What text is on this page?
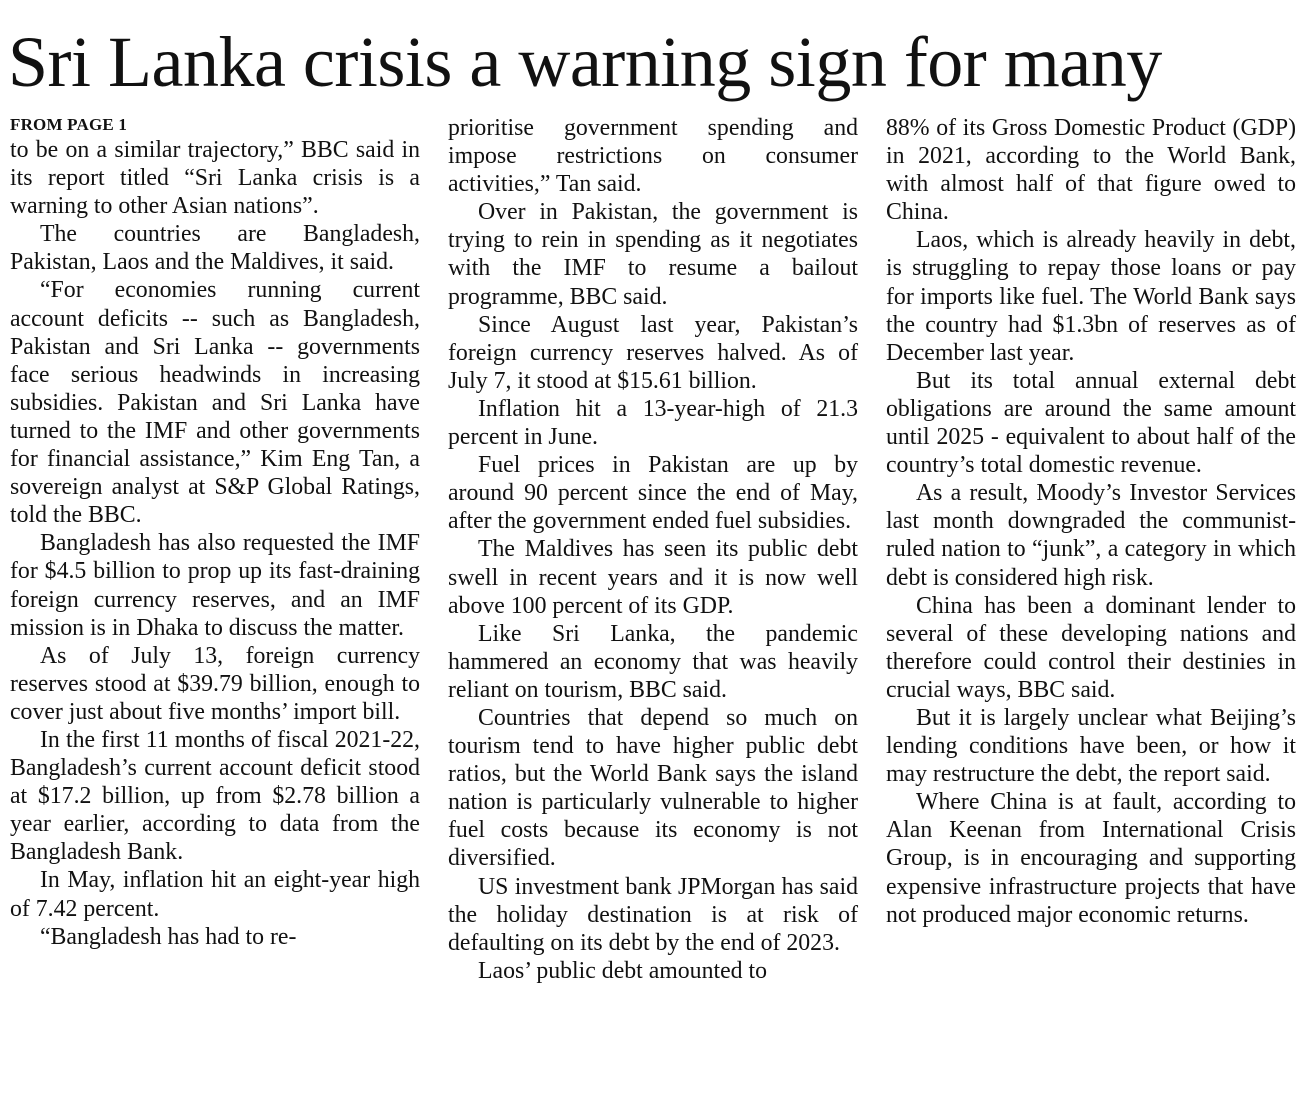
Sri Lanka crisis a warning sign for many
FROM PAGE 1

to be on a similar trajectory,” BBC said in its report titled “Sri Lanka crisis is a warning to other Asian nations”.

The countries are Bangladesh, Pakistan, Laos and the Maldives, it said.

“For economies running current account deficits -- such as Bangladesh, Pakistan and Sri Lanka -- governments face serious headwinds in increasing subsidies. Pakistan and Sri Lanka have turned to the IMF and other governments for financial assistance,” Kim Eng Tan, a sovereign analyst at S&P Global Ratings, told the BBC.

Bangladesh has also requested the IMF for $4.5 billion to prop up its fast-draining foreign currency reserves, and an IMF mission is in Dhaka to discuss the matter.

As of July 13, foreign currency reserves stood at $39.79 billion, enough to cover just about five months’ import bill.

In the first 11 months of fiscal 2021-22, Bangladesh’s current account deficit stood at $17.2 billion, up from $2.78 billion a year earlier, according to data from the Bangladesh Bank.

In May, inflation hit an eight-year high of 7.42 percent.

“Bangladesh has had to re-

prioritise government spending and impose restrictions on consumer activities,” Tan said.

Over in Pakistan, the government is trying to rein in spending as it negotiates with the IMF to resume a bailout programme, BBC said.

Since August last year, Pakistan’s foreign currency reserves halved. As of July 7, it stood at $15.61 billion.

Inflation hit a 13-year-high of 21.3 percent in June.

Fuel prices in Pakistan are up by around 90 percent since the end of May, after the government ended fuel subsidies.

The Maldives has seen its public debt swell in recent years and it is now well above 100 percent of its GDP.

Like Sri Lanka, the pandemic hammered an economy that was heavily reliant on tourism, BBC said.

Countries that depend so much on tourism tend to have higher public debt ratios, but the World Bank says the island nation is particularly vulnerable to higher fuel costs because its economy is not diversified.

US investment bank JPMorgan has said the holiday destination is at risk of defaulting on its debt by the end of 2023.

Laos’ public debt amounted to

88% of its Gross Domestic Product (GDP) in 2021, according to the World Bank, with almost half of that figure owed to China.

Laos, which is already heavily in debt, is struggling to repay those loans or pay for imports like fuel. The World Bank says the country had $1.3bn of reserves as of December last year.

But its total annual external debt obligations are around the same amount until 2025 - equivalent to about half of the country’s total domestic revenue.

As a result, Moody’s Investor Services last month downgraded the communist-ruled nation to “junk”, a category in which debt is considered high risk.

China has been a dominant lender to several of these developing nations and therefore could control their destinies in crucial ways, BBC said.

But it is largely unclear what Beijing’s lending conditions have been, or how it may restructure the debt, the report said.

Where China is at fault, according to Alan Keenan from International Crisis Group, is in encouraging and supporting expensive infrastructure projects that have not produced major economic returns.
